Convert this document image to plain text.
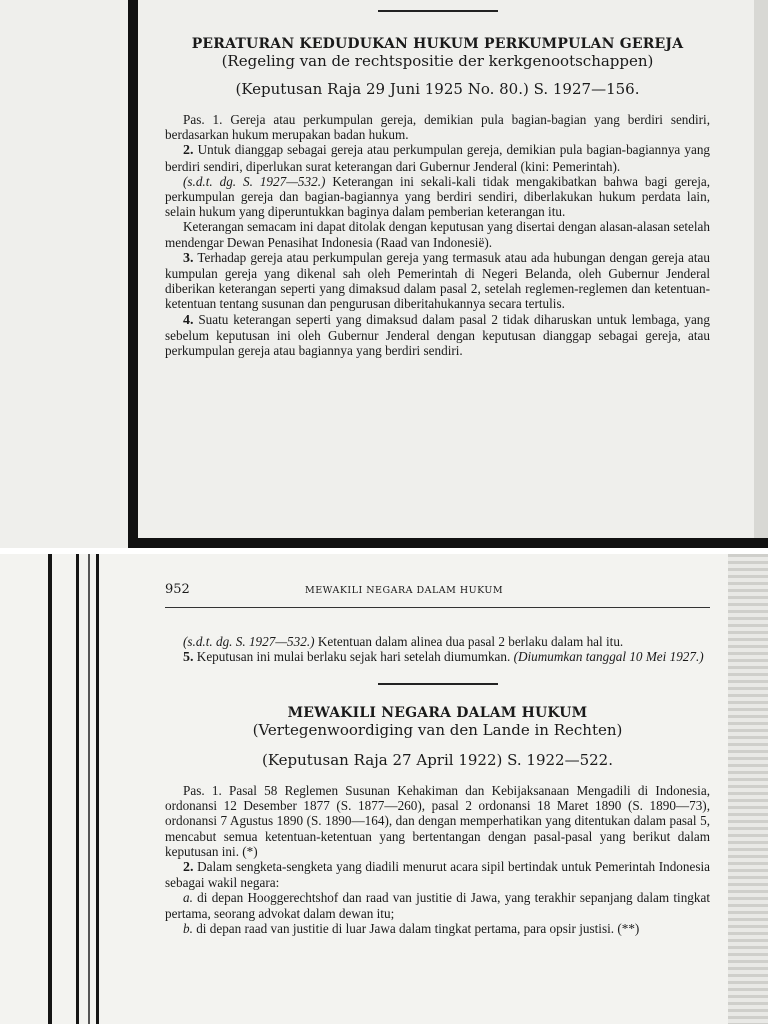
PERATURAN KEDUDUKAN HUKUM PERKUMPULAN GEREJA

(Regeling van de rechtspositie der kerkgenootschappen)

(Keputusan Raja 29 Juni 1925 No. 80.) S. 1927—156.

Pas. 1. Gereja atau perkumpulan gereja, demikian pula bagian-bagian yang berdiri sendiri, berdasarkan hukum merupakan badan hukum.

2. Untuk dianggap sebagai gereja atau perkumpulan gereja, demikian pula bagian-bagiannya yang berdiri sendiri, diperlukan surat keterangan dari Gubernur Jenderal (kini: Pemerintah).

(s.d.t. dg. S. 1927—532.) Keterangan ini sekali-kali tidak mengakibatkan bahwa bagi gereja, perkumpulan gereja dan bagian-bagiannya yang berdiri sendiri, diberlakukan hukum perdata lain, selain hukum yang diperuntukkan baginya dalam pemberian keterangan itu.

Keterangan semacam ini dapat ditolak dengan keputusan yang disertai dengan alasan-alasan setelah mendengar Dewan Penasihat Indonesia (Raad van Indonesië).

3. Terhadap gereja atau perkumpulan gereja yang termasuk atau ada hubungan dengan gereja atau kumpulan gereja yang dikenal sah oleh Pemerintah di Negeri Belanda, oleh Gubernur Jenderal diberikan keterangan seperti yang dimaksud dalam pasal 2, setelah reglemen-reglemen dan ketentuan-ketentuan tentang susunan dan pengurusan diberitahukannya secara tertulis.

4. Suatu keterangan seperti yang dimaksud dalam pasal 2 tidak diharuskan untuk lembaga, yang sebelum keputusan ini oleh Gubernur Jenderal dengan keputusan dianggap sebagai gereja, atau perkumpulan gereja atau bagiannya yang berdiri sendiri.

952	MEWAKILI NEGARA DALAM HUKUM

(s.d.t. dg. S. 1927—532.) Ketentuan dalam alinea dua pasal 2 berlaku dalam hal itu.

5. Keputusan ini mulai berlaku sejak hari setelah diumumkan. (Diumumkan tanggal 10 Mei 1927.)

MEWAKILI NEGARA DALAM HUKUM

(Vertegenwoordiging van den Lande in Rechten)

(Keputusan Raja 27 April 1922) S. 1922—522.

Pas. 1. Pasal 58 Reglemen Susunan Kehakiman dan Kebijaksanaan Mengadili di Indonesia, ordonansi 12 Desember 1877 (S. 1877—260), pasal 2 ordonansi 18 Maret 1890 (S. 1890—73), ordonansi 7 Agustus 1890 (S. 1890—164), dan dengan memperhatikan yang ditentukan dalam pasal 5, mencabut semua ketentuan-ketentuan yang bertentangan dengan pasal-pasal yang berikut dalam keputusan ini. (*)

2. Dalam sengketa-sengketa yang diadili menurut acara sipil bertindak untuk Pemerintah Indonesia sebagai wakil negara:

a. di depan Hooggerechtshof dan raad van justitie di Jawa, yang terakhir sepanjang dalam tingkat pertama, seorang advokat dalam dewan itu;

b. di depan raad van justitie di luar Jawa dalam tingkat pertama, para opsir justisi. (**)
